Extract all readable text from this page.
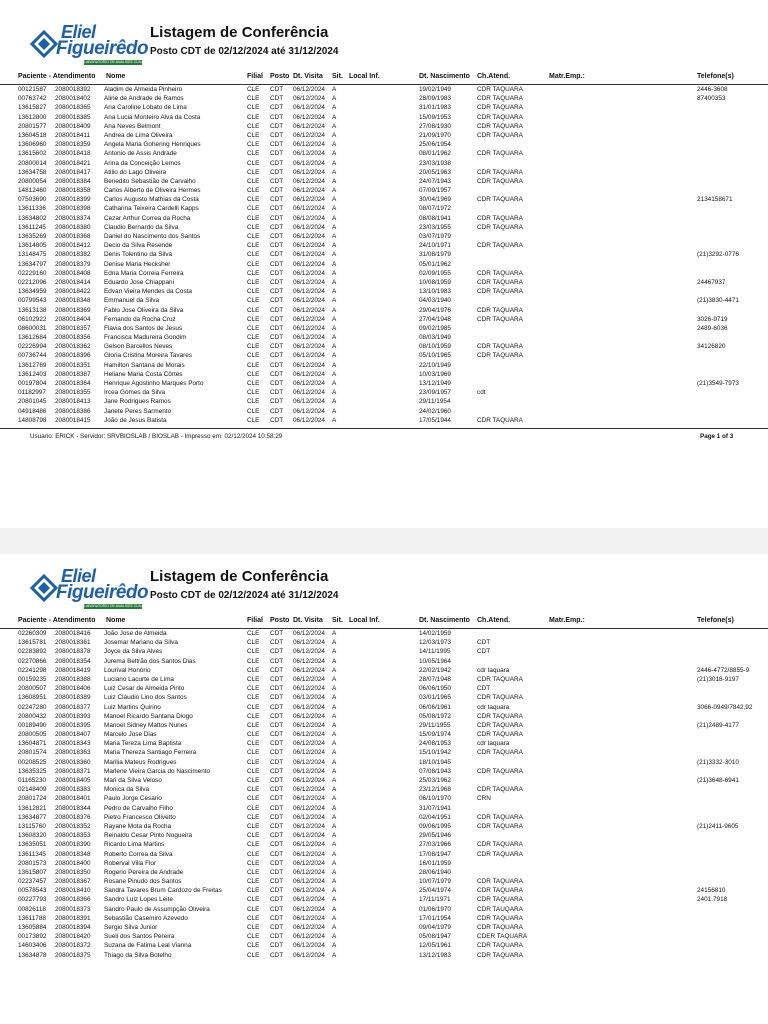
Eliel
Figueirêdo
LABORATÓRIO DE ANÁLISES CLÍNICAS
Listagem de Conferência
Posto CDT de 02/12/2024 até 31/12/2024
Paciente - Atendimento Nome	Filial Posto Dt. Visita Sit. Local Inf.	Dt. Nascimento Ch.Atend.	Matr.Emp.:	Telefone(s)
00121587	2080018392	Aladim de Almeida Pinheiro	CLE	CDT	06/12/2024	A	19/02/1949	CDR TAQUARA	2446-3608
00763742	2080018402	Aline de Andrade de Ramos	CLE	CDT	06/12/2024	A	28/09/1983	CDR TAQUARA	87400353
13615827	2080018365	Ana Caroline Lobato de Lima	CLE	CDT	06/12/2024	A	31/01/1983	CDR TAQUARA
13612800	2080018385	Ana Lucia Monteiro Alva da Costa	CLE	CDT	06/12/2024	A	15/09/1953	CDR TAQUARA
20801577	2080018409	Ana Neves Belmont	CLE	CDT	06/12/2024	A	27/08/1930	CDR TAQUARA
13604518	2080018411	Andrea de Lima Oliveira	CLE	CDT	06/12/2024	A	21/09/1970	CDR TAQUARA
13606960	2080018359	Angela Maria Gohering Henriques	CLE	CDT	06/12/2024	A	25/06/1954
13615602	2080018418	Antonio de Assis Andrade	CLE	CDT	06/12/2024	A	08/01/1962	CDR TAQUARA
20800014	2080018421	Arina da Conceição Lemos	CLE	CDT	06/12/2024	A	23/03/1938
13634758	2080018417	Atilio do Lago Oliveira	CLE	CDT	06/12/2024	A	20/05/1963	CDR TAQUARA
20800054	2080018384	Benedito Sebastião de Carvalho	CLE	CDT	06/12/2024	A	24/07/1943	CDR TAQUARA
14812460	2080018358	Carlos Alberto de Oliveira Hermes	CLE	CDT	06/12/2024	A	07/09/1957
07503690	2080018399	Carlos Augusto Mathias da Costa	CLE	CDT	06/12/2024	A	30/04/1969	CDR TAQUARA	2134158671
13611336	2080018398	Catharina Teixeira Cardelli Kapps	CLE	CDT	06/12/2024	A	08/07/1972
13634802	2080018374	Cezar Arthur Correa da Rocha	CLE	CDT	06/12/2024	A	08/08/1941	CDR TAQUARA
13611245	2080018380	Claudio Bernardo da Silva	CLE	CDT	06/12/2024	A	23/03/1955	CDR TAQUARA
13635269	2080018368	Daniel do Nascimento dos Santos	CLE	CDT	06/12/2024	A	03/07/1979
13614805	2080018412	Decio da Silva Resende	CLE	CDT	06/12/2024	A	24/10/1971	CDR TAQUARA
13148475	2080018382	Denis Tolentino da Silva	CLE	CDT	06/12/2024	A	31/08/1979	(21)3292-0776
13634797	2080018379	Denise Maria Hecksher	CLE	CDT	06/12/2024	A	05/01/1962
02229160	2080018408	Edna Maria Correia Ferreira	CLE	CDT	06/12/2024	A	02/09/1955	CDR TAQUARA
02212096	2080018414	Eduardo Jose Chiappani	CLE	CDT	06/12/2024	A	10/08/1959	CDR TAQUARA	24467937
13634959	2080018422	Edvan Vieira Mendes da Costa	CLE	CDT	06/12/2024	A	13/10/1983	CDR TAQUARA
00799543	2080018348	Emmanuel da Silva	CLE	CDT	06/12/2024	A	04/03/1940	(21)3830-4471
13613138	2080018369	Fabio Jose Oliveira da Silva	CLE	CDT	06/12/2024	A	29/04/1976	CDR TAQUARA
06102922	2080018404	Fernando da Rocha Cruz	CLE	CDT	06/12/2024	A	27/04/1948	CDR TAQUARA	3026-9719
08600031	2080018357	Flavia dos Santos de Jesus	CLE	CDT	06/12/2024	A	09/02/1985	2489-6036
13612684	2080018356	Francisca Madureira Gondim	CLE	CDT	06/12/2024	A	08/03/1949
02226994	2080018362	Gelson Barcellos Neves	CLE	CDT	06/12/2024	A	08/10/1959	CDR TAQUARA	34126820
00736744	2080018396	Gloria Cristina Moreira Tavares	CLE	CDT	06/12/2024	A	05/10/1965	CDR TAQUARA
13612769	2080018351	Hamilton Santana de Morais	CLE	CDT	06/12/2024	A	22/10/1949
13612403	2080018387	Heliane Maria Costa Côrtes	CLE	CDT	06/12/2024	A	10/03/1969
00197804	2080018364	Henrique Agostinho Marques Porto	CLE	CDT	06/12/2024	A	13/12/1949	(21)3549-7973
01182997	2080018355	Ircea Gomes da Silva	CLE	CDT	06/12/2024	A	23/09/1957	cdt
20801045	2080018413	Jane Rodrigues Ramos	CLE	CDT	06/12/2024	A	29/11/1954
04918486	2080018386	Janete Peres Sarmento	CLE	CDT	06/12/2024	A	24/02/1960
14808798	2080018415	João de Jesus Batista	CLE	CDT	06/12/2024	A	17/05/1944	CDR TAQUARA
Usuario: ERICK - Servidor: SRVBIOSLAB / BIOSLAB - Impresso em: 02/12/2024 10:58:29	Page 1 of 3
Eliel
Figueirêdo
LABORATÓRIO DE ANÁLISES CLÍNICAS
Listagem de Conferência
Posto CDT de 02/12/2024 até 31/12/2024
Paciente - Atendimento Nome	Filial Posto Dt. Visita Sit. Local Inf.	Dt. Nascimento Ch.Atend.	Matr.Emp.:	Telefone(s)
02260309	2080018416	João Jose de Almeida	CLE	CDT	06/12/2024	A	14/02/1959
13615781	2080018361	Josemar Mariano da Silva	CLE	CDT	06/12/2024	A	12/03/1973	CDT
02283892	2080018378	Joyce da Silva Alves	CLE	CDT	06/12/2024	A	14/11/1995	CDT
02270866	2080018354	Jurema Beltrão dos Santos Dias	CLE	CDT	06/12/2024	A	10/05/1964
02241298	2080018419	Lourival Honório	CLE	CDT	06/12/2024	A	22/02/1942	cdr taquara	2446-4772/8855-9
00159235	2080018388	Luciano Lacurte de Lima	CLE	CDT	06/12/2024	A	28/07/1948	CDR TAQUARA	(21)3018-9197
20800507	2080018406	Luiz Cesar de Almeida Pinto	CLE	CDT	06/12/2024	A	06/06/1950	CDT
13608951	2080018389	Luiz Cláudio Lino dos Santos	CLE	CDT	06/12/2024	A	03/01/1965	CDR TAQUARA
02247280	2080018377	Luiz Martins Quirino	CLE	CDT	06/12/2024	A	06/06/1961	cdr taquara	3066-0949/7842,92
20800432	2080018393	Manoel Ricardo Santana Diogo	CLE	CDT	06/12/2024	A	05/08/1972	CDR TAQUARA
00189490	2080018395	Manoel Sidney Mattos Nunes	CLE	CDT	06/12/2024	A	29/11/1955	CDR TAQUARA	(21)2489-4177
20800505	2080018407	Marcelo Jose Dias	CLE	CDT	06/12/2024	A	15/09/1974	CDR TAQUARA
13604871	2080018343	Maria Tereza Lima Baptista	CLE	CDT	06/12/2024	A	24/08/1953	cdr taquara
20801574	2080018363	Maria Thereza Santiago Ferreira	CLE	CDT	06/12/2024	A	15/10/1942	CDR TAQUARA
00208525	2080018360	Marilia Mateus Rodrigues	CLE	CDT	06/12/2024	A	18/10/1945	(21)3332-3010
13635325	2080018371	Marlene Vieira Garcia do Nascimento	CLE	CDT	06/12/2024	A	07/08/1943	CDR TAQUARA
01165230	2080018405	Mari da Silva Veloso	CLE	CDT	06/12/2024	A	25/03/1962	(21)3648-6941
02148409	2080018383	Monica da Silva	CLE	CDT	06/12/2024	A	23/12/1968	CDR TAQUARA
20801724	2080018401	Paulo Jorge Cesario	CLE	CDT	06/12/2024	A	06/10/1970	CRN
13612821	2080018344	Pedro de Carvalho Filho	CLE	CDT	06/12/2024	A	31/07/1941
13634877	2080018376	Pietro Francesco Olivetto	CLE	CDT	06/12/2024	A	02/04/1951	CDR TAQUARA
13115760	2080018352	Rayane Mota da Rocha	CLE	CDT	06/12/2024	A	09/06/1995	CDR TAQUARA	(21)2411-9605
13608320	2080018353	Reinaldo Cesar Pinto Nogueira	CLE	CDT	06/12/2024	A	29/05/1946
13635051	2080018390	Ricardo Lima Martins	CLE	CDT	06/12/2024	A	27/03/1966	CDR TAQUARA
13611345	2080018348	Roberto Correa da Silva	CLE	CDT	06/12/2024	A	17/08/1947	CDR TAQUARA
20801573	2080018400	Roberval Villa Flor	CLE	CDT	06/12/2024	A	16/01/1959
13615807	2080018350	Rogerio Pereira de Andrade	CLE	CDT	06/12/2024	A	28/06/1940
02237457	2080018367	Rosane Pinudo dos Santos	CLE	CDT	06/12/2024	A	10/07/1979	CDR TAQUARA
00578543	2080018410	Sandra Tavares Brum Cardozo de Freitas	CLE	CDT	06/12/2024	A	25/04/1974	CDR TAQUARA	24156810
00227793	2080018366	Sandro Luiz Lopes Leite	CLE	CDT	06/12/2024	A	17/11/1971	CDR TAQUARA	2401.7918
00826118	2080018373	Sandro Paulo de Assumpção Oliveira	CLE	CDT	06/12/2024	A	01/06/1970	CDR TAUQARA
13611788	2080018391	Sebastião Casemiro Azevedo	CLE	CDT	06/12/2024	A	17/01/1954	CDR TAQUARA
13605884	2080018394	Sergio Silva Junior	CLE	CDT	06/12/2024	A	09/04/1979	CDR TAQUARA
00173892	2080018420	Sueli dos Santos Pereira	CLE	CDT	06/12/2024	A	05/08/1947	CDER TAQUARA
14603406	2080018372	Suzana de Fatima Leal Vianna	CLE	CDT	06/12/2024	A	12/05/1961	CDR TAQUARA
13634878	2080018375	Thiago da Silva Botelho	CLE	CDT	06/12/2024	A	13/12/1983	CDR TAQUARA
